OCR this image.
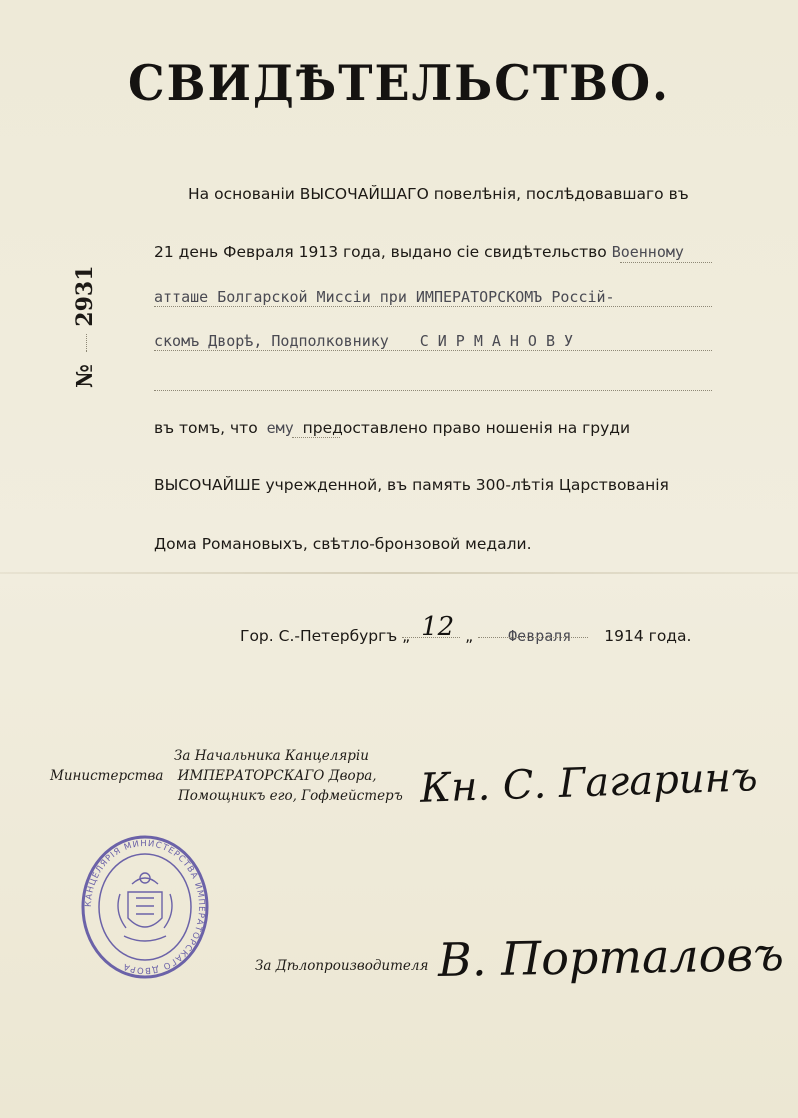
СВИДѢТЕЛЬСТВО.
На основаніи ВЫСОЧАЙШАГО повелѣнія, послѣдовавшаго въ
21 день Февраля 1913 года, выдано сіе свидѣтельство Военному
атташе Болгарской Миссіи при ИМПЕРАТОРСКОМЪ Россій-
скомъ Дворѣ, Подполковнику СИРМАНОВУ
№  2931
въ томъ, что ему предоставлено право ношенія на груди
ВЫСОЧАЙШЕ учрежденной, въ память 300-лѣтія Царствованія
Дома Романовыхъ, свѣтло-бронзовой медали.
Гор. С.-Петербургъ „ 12 „ Февраля 1914 года.
За Начальника Канцеляріи
Министерства ИМПЕРАТОРСКАГО Двора,
Помощникъ его, Гофмейстеръ Кн. С. Гагаринъ
КАНЦЕЛЯРІЯ МИНИСТЕРСТВА ИМПЕРАТОРСКАГО ДВОРА	За Дѣлопроизводителя В. Порталовъ
